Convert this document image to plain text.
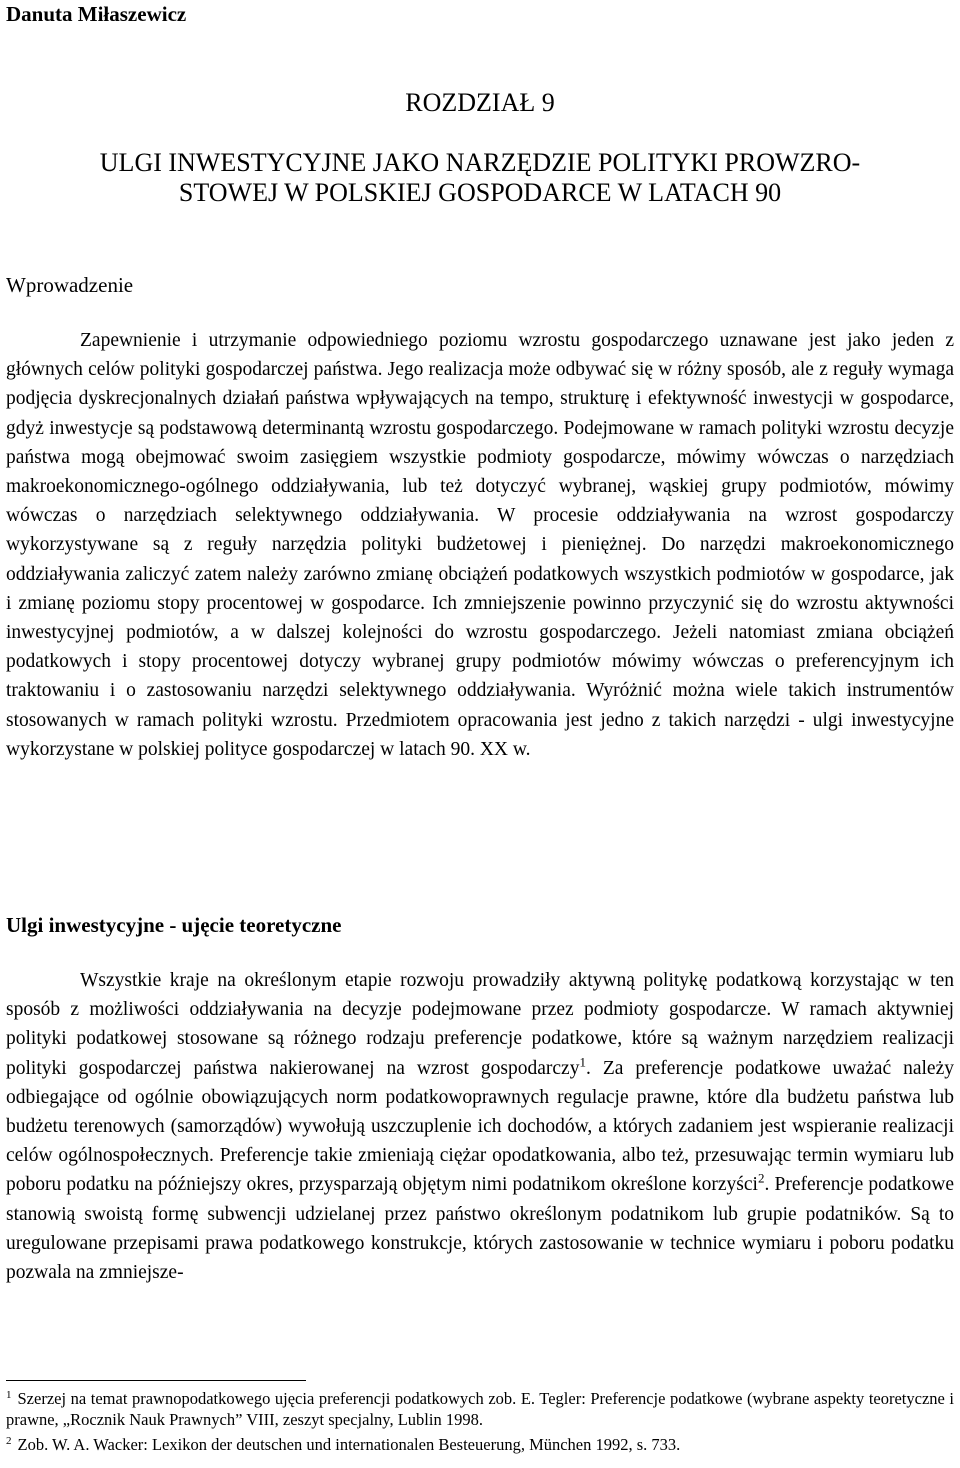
Danuta Miłaszewicz
ROZDZIAŁ 9
ULGI INWESTYCYJNE JAKO NARZĘDZIE POLITYKI PROWZRO-
STOWEJ W POLSKIEJ GOSPODARCE W LATACH 90
Wprowadzenie

Zapewnienie i utrzymanie odpowiedniego poziomu wzrostu gospodarczego uznawane jest jako jeden z głównych celów polityki gospodarczej państwa. Jego realizacja może odbywać się w różny sposób, ale z reguły wymaga podjęcia dyskrecjonalnych działań państwa wpływających na tempo, strukturę i efektywność inwestycji w gospodarce, gdyż inwestycje są podstawową determinantą wzrostu gospodarczego. Podejmowane w ramach polityki wzrostu decyzje państwa mogą obejmować swoim zasięgiem wszystkie podmioty gospodarcze, mówimy wówczas o narzędziach makroekonomicznego-ogólnego oddziaływania, lub też dotyczyć wybranej, wąskiej grupy podmiotów, mówimy wówczas o narzędziach selektywnego oddziaływania. W procesie oddziaływania na wzrost gospodarczy wykorzystywane są z reguły narzędzia polityki budżetowej i pieniężnej. Do narzędzi makroekonomicznego oddziaływania zaliczyć zatem należy zarówno zmianę obciążeń podatkowych wszystkich podmiotów w gospodarce, jak i zmianę poziomu stopy procentowej w gospodarce. Ich zmniejszenie powinno przyczynić się do wzrostu aktywności inwestycyjnej podmiotów, a w dalszej kolejności do wzrostu gospodarczego. Jeżeli natomiast zmiana obciążeń podatkowych i stopy procentowej dotyczy wybranej grupy podmiotów mówimy wówczas o preferencyjnym ich traktowaniu i o zastosowaniu narzędzi selektywnego oddziaływania. Wyróżnić można wiele takich instrumentów stosowanych w ramach polityki wzrostu. Przedmiotem opracowania jest jedno z takich narzędzi - ulgi inwestycyjne wykorzystane w polskiej polityce gospodarczej w latach 90. XX w.

Ulgi inwestycyjne - ujęcie teoretyczne

Wszystkie kraje na określonym etapie rozwoju prowadziły aktywną politykę podatkową korzystając w ten sposób z możliwości oddziaływania na decyzje podejmowane przez podmioty gospodarcze. W ramach aktywniej polityki podatkowej stosowane są różnego rodzaju preferencje podatkowe, które są ważnym narzędziem realizacji polityki gospodarczej państwa nakierowanej na wzrost gospodarczy$^1$. Za preferencje podatkowe uważać należy odbiegające od ogólnie obowiązujących norm podatkowoprawnych regulacje prawne, które dla budżetu państwa lub budżetu terenowych (samorządów) wywołują uszczuplenie ich dochodów, a których zadaniem jest wspieranie realizacji celów ogólnospołecznych. Preferencje takie zmieniają ciężar opodatkowania, albo też, przesuwając termin wymiaru lub poboru podatku na późniejszy okres, przysparzają objętym nimi podatnikom określone korzyści$^2$. Preferencje podatkowe stanowią swoistą formę subwencji udzielanej przez państwo określonym podatnikom lub grupie podatników. Są to uregulowane przepisami prawa podatkowego konstrukcje, których zastosowanie w technice wymiaru i poboru podatku pozwala na zmniejsze-

$^1$ Szerzej na temat prawnopodatkowego ujęcia preferencji podatkowych zob. E. Tegler: Preferencje podatkowe (wybrane aspekty teoretyczne i prawne, „Rocznik Nauk Prawnych” VIII, zeszyt specjalny, Lublin 1998.
$^2$ Zob. W. A. Wacker: Lexikon der deutschen und internationalen Besteuerung, München 1992, s. 733.
